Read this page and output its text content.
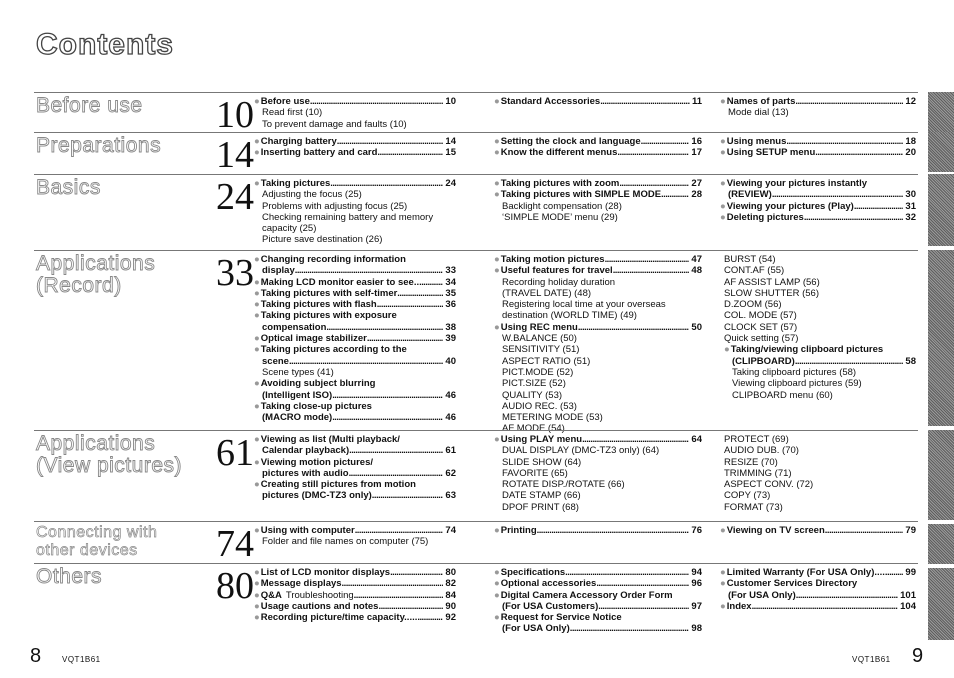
Contents
Before use 10 ● Before use . . .	10
Read first (10)
To prevent damage and faults (10)
● Standard Accessories . . .	11 ● Names of parts . . .	12
Mode dial (13)
Preparations 14 ● Charging battery . . .	14
● Inserting battery and card . . .	15
● Setting the clock and language . . .	16
● Know the different menus . . .	17
● Using menus . . .	18
● Using SETUP menu . . .	20
Basics	24 ● Taking pictures . . .	24
Adjusting the focus (25)
Problems with adjusting focus (25)
Checking remaining battery and memory
capacity (25)
Picture save destination (26)
● Taking pictures with zoom . . .	27
● Taking pictures with SIMPLE MODE . . .	28
Backlight compensation (28)
‘SIMPLE MODE’ menu (29)
● Viewing your pictures instantly
(REVIEW) . . .	30
● Viewing your pictures (Play) . . .	31
● Deleting pictures . . .	32
Applications
(Record)	33 ● Changing recording information
display . . .	33
● Making LCD monitor easier to see.. . . .	34
● Taking pictures with self-timer . . .	35
● Taking pictures with flash . . .	36
● Taking pictures with exposure
compensation . . .	38
● Optical image stabilizer . . .	39
● Taking pictures according to the
scene . . .	40
Scene types (41)
● Avoiding subject blurring
(Intelligent ISO) . . .	46
● Taking close-up pictures
(MACRO mode) . . .	46
● Taking motion pictures . . .	47
● Useful features for travel . . .	48
Recording holiday duration
(TRAVEL DATE) (48)
Registering local time at your overseas
destination (WORLD TIME) (49)
● Using REC menu . . .	50
W.BALANCE (50)
SENSITIVITY (51)
ASPECT RATIO (51)
PICT.MODE (52)
PICT.SIZE (52)
QUALITY (53)
AUDIO REC. (53)
METERING MODE (53)
AF MODE (54)
BURST (54)
CONT.AF (55)
AF ASSIST LAMP (56)
SLOW SHUTTER (56)
D.ZOOM (56)
COL. MODE (57)
CLOCK SET (57)
Quick setting (57)
● Taking/viewing clipboard pictures
(CLIPBOARD) . . .	58
Taking clipboard pictures (58)
Viewing clipboard pictures (59)
CLIPBOARD menu (60)
Applications
(View pictures) 61 ● Viewing as list (Multi playback/
Calendar playback) . . .	61
● Viewing motion pictures/
pictures with audio . . .	62
● Creating still pictures from motion
pictures (DMC-TZ3 only) . . .	63
● Using PLAY menu . . .	64
DUAL DISPLAY (DMC-TZ3 only) (64)
SLIDE SHOW (64)
FAVORITE (65)
ROTATE DISP./ROTATE (66)
DATE STAMP (66)
DPOF PRINT (68)
PROTECT (69)
AUDIO DUB. (70)
RESIZE (70)
TRIMMING (71)
ASPECT CONV. (72)
COPY (73)
FORMAT (73)
Connecting with
other devices	74 ● Using with computer . . .	74
Folder and file names on computer (75)
● Printing . . .	76 ● Viewing on TV screen . . .	79
Others	80 ● List of LCD monitor displays . . .	80
● Message displays . . .	82
● Q&A Troubleshooting . . .	84
● Usage cautions and notes . . .	90
● Recording picture/time capacity..... . . .	92
● Specifications . . .	94
● Optional accessories . . .	96
● Digital Camera Accessory Order Form
(For USA Customers) . . .	97
● Request for Service Notice
(For USA Only) . . .	98
● Limited Warranty (For USA Only).... . . . 99
● Customer Services Directory
(For USA Only) . . .	101
● Index . . .	104
8	VQT1B61	VQT1B61 9
